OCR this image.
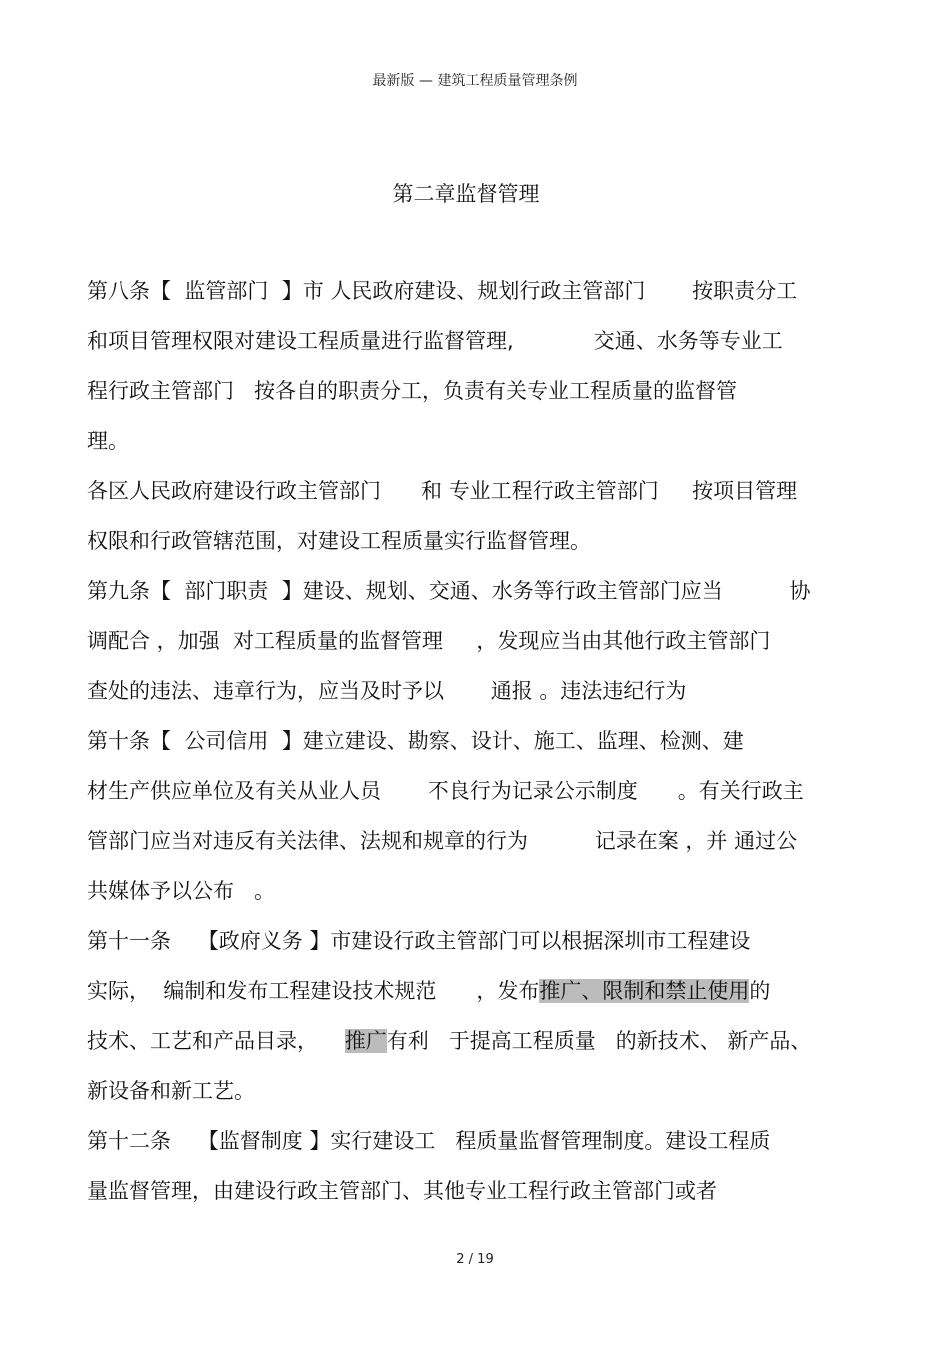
最新版 — 建筑工程质量管理条例
第二章监督管理
第八条【  监管部门  】市 人民政府建设、规划行政主管部门       按职责分工
和项目管理权限对建设工程质量进行监督管理,            交通、水务等专业工
程行政主管部门   按各自的职责分工，负责有关专业工程质量的监督管
理。
各区人民政府建设行政主管部门      和 专业工程行政主管部门     按项目管理
权限和行政管辖范围，对建设工程质量实行监督管理。
第九条【  部门职责  】建设、规划、交通、水务等行政主管部门应当          协
调配合 ，加强  对工程质量的监督管理     ，发现应当由其他行政主管部门
查处的违法、违章行为，应当及时予以       通报 。违法违纪行为
第十条【  公司信用  】建立建设、勘察、设计、施工、监理、检测、建
材生产供应单位及有关从业人员       不良行为记录公示制度      。有关行政主
管部门应当对违反有关法律、法规和规章的行为          记录在案 ，并 通过公
共媒体予以公布   。
第十一条    【政府义务 】市建设行政主管部门可以根据深圳市工程建设
实际，  编制和发布工程建设技术规范      ，发布推广、限制和禁止使用的
技术、工艺和产品目录，    推广有利   于提高工程质量   的新技术、 新产品、
新设备和新工艺。
第十二条    【监督制度 】实行建设工   程质量监督管理制度。建设工程质
量监督管理，由建设行政主管部门、其他专业工程行政主管部门或者
2 / 19
